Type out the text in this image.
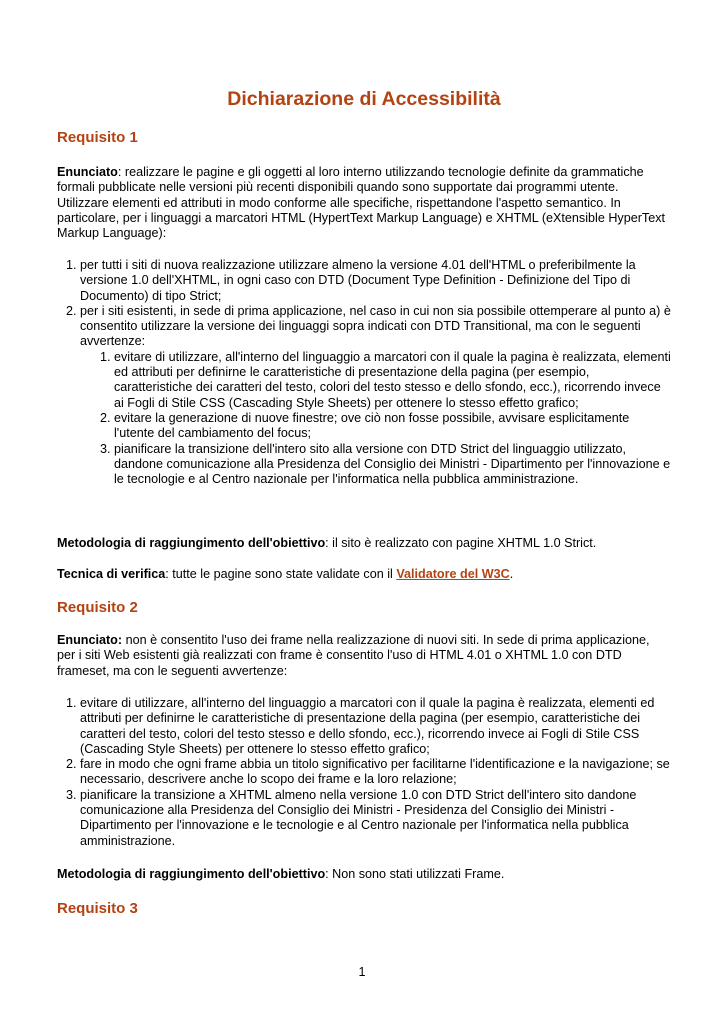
Dichiarazione di Accessibilità
Requisito 1

Enunciato: realizzare le pagine e gli oggetti al loro interno utilizzando tecnologie definite da grammatiche formali pubblicate nelle versioni più recenti disponibili quando sono supportate dai programmi utente. Utilizzare elementi ed attributi in modo conforme alle specifiche, rispettandone l'aspetto semantico. In particolare, per i linguaggi a marcatori HTML (HypertText Markup Language) e XHTML (eXtensible HyperText Markup Language):

1. per tutti i siti di nuova realizzazione utilizzare almeno la versione 4.01 dell'HTML o preferibilmente la versione 1.0 dell'XHTML, in ogni caso con DTD (Document Type Definition - Definizione del Tipo di Documento) di tipo Strict;
2. per i siti esistenti, in sede di prima applicazione, nel caso in cui non sia possibile ottemperare al punto a) è consentito utilizzare la versione dei linguaggi sopra indicati con DTD Transitional, ma con le seguenti avvertenze:
1. evitare di utilizzare, all'interno del linguaggio a marcatori con il quale la pagina è realizzata, elementi ed attributi per definirne le caratteristiche di presentazione della pagina (per esempio, caratteristiche dei caratteri del testo, colori del testo stesso e dello sfondo, ecc.), ricorrendo invece ai Fogli di Stile CSS (Cascading Style Sheets) per ottenere lo stesso effetto grafico;
2. evitare la generazione di nuove finestre; ove ciò non fosse possibile, avvisare esplicitamente l'utente del cambiamento del focus;
3. pianificare la transizione dell'intero sito alla versione con DTD Strict del linguaggio utilizzato, dandone comunicazione alla Presidenza del Consiglio dei Ministri - Dipartimento per l'innovazione e le tecnologie e al Centro nazionale per l'informatica nella pubblica amministrazione.

Metodologia di raggiungimento dell'obiettivo: il sito è realizzato con pagine XHTML 1.0 Strict.

Tecnica di verifica: tutte le pagine sono state validate con il Validatore del W3C.

Requisito 2

Enunciato: non è consentito l'uso dei frame nella realizzazione di nuovi siti. In sede di prima applicazione, per i siti Web esistenti già realizzati con frame è consentito l'uso di HTML 4.01 o XHTML 1.0 con DTD frameset, ma con le seguenti avvertenze:

1. evitare di utilizzare, all'interno del linguaggio a marcatori con il quale la pagina è realizzata, elementi ed attributi per definirne le caratteristiche di presentazione della pagina (per esempio, caratteristiche dei caratteri del testo, colori del testo stesso e dello sfondo, ecc.), ricorrendo invece ai Fogli di Stile CSS (Cascading Style Sheets) per ottenere lo stesso effetto grafico;
2. fare in modo che ogni frame abbia un titolo significativo per facilitarne l'identificazione e la navigazione; se necessario, descrivere anche lo scopo dei frame e la loro relazione;
3. pianificare la transizione a XHTML almeno nella versione 1.0 con DTD Strict dell'intero sito dandone comunicazione alla Presidenza del Consiglio dei Ministri - Presidenza del Consiglio dei Ministri - Dipartimento per l'innovazione e le tecnologie e al Centro nazionale per l'informatica nella pubblica amministrazione.

Metodologia di raggiungimento dell'obiettivo: Non sono stati utilizzati Frame.

Requisito 3
1
